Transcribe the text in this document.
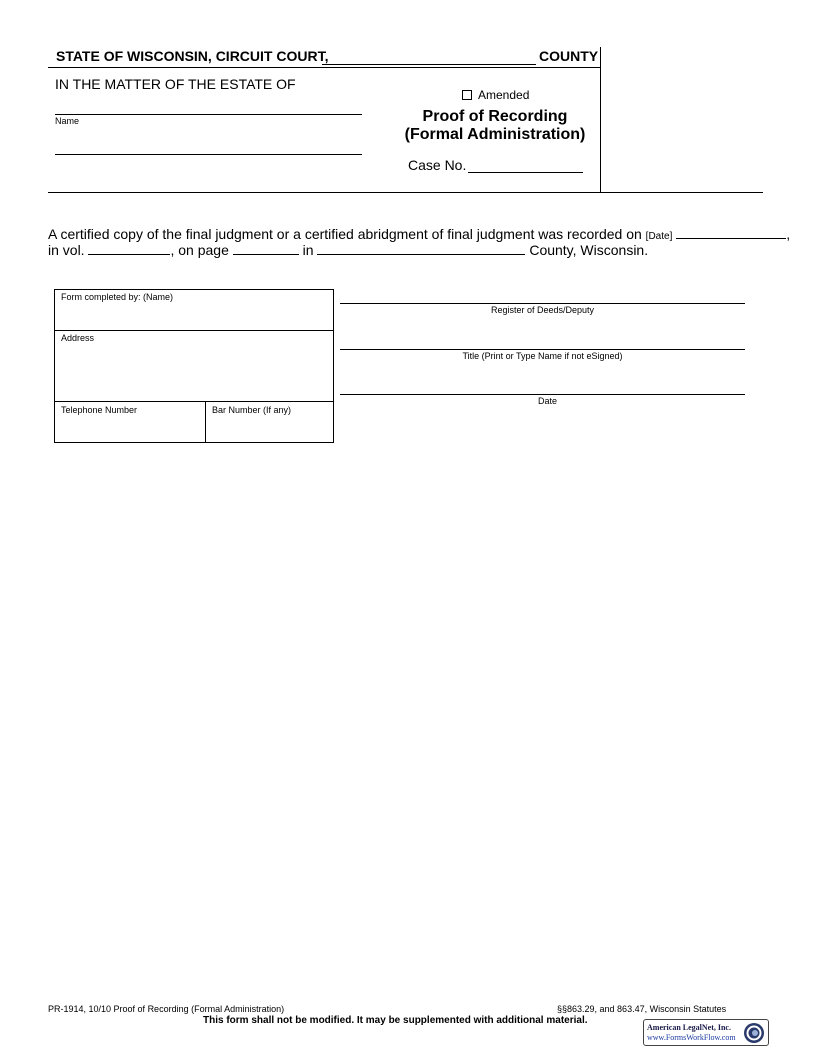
STATE OF WISCONSIN, CIRCUIT COURT,	COUNTY
IN THE MATTER OF THE ESTATE OF
Name
Amended
Proof of Recording
(Formal Administration)
Case No.
A certified copy of the final judgment or a certified abridgment of final judgment was recorded on [Date]	,
in vol.	, on page	in	County, Wisconsin.
Form completed by: (Name)
Address
Telephone Number	Bar Number (If any)
Register of Deeds/Deputy
Title (Print or Type Name if not eSigned)
Date
PR-1914, 10/10 Proof of Recording (Formal Administration)	§§863.29, and 863.47, Wisconsin Statutes
This form shall not be modified. It may be supplemented with additional material.
American LegalNet, Inc.
www.FormsWorkFlow.com
